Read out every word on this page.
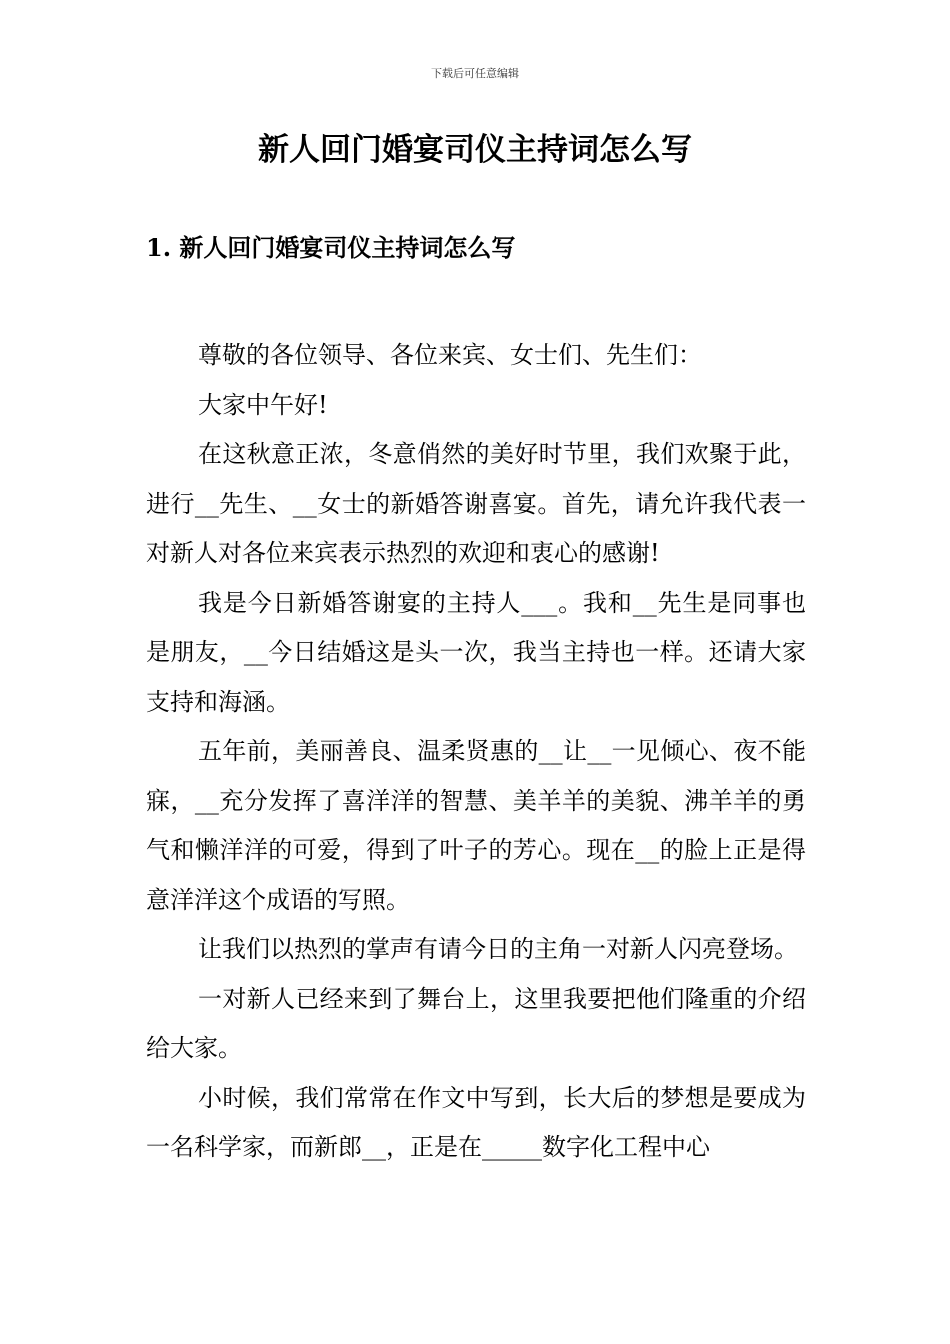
下载后可任意编辑
新人回门婚宴司仪主持词怎么写
1. 新人回门婚宴司仪主持词怎么写

尊敬的各位领导、各位来宾、女士们、先生们：

大家中午好!

在这秋意正浓，冬意俏然的美好时节里，我们欢聚于此，进行__先生、__女士的新婚答谢喜宴。首先，请允许我代表一对新人对各位来宾表示热烈的欢迎和衷心的感谢!

我是今日新婚答谢宴的主持人___。我和__先生是同事也是朋友，__今日结婚这是头一次，我当主持也一样。还请大家支持和海涵。

五年前，美丽善良、温柔贤惠的__让__一见倾心、夜不能寐，__充分发挥了喜洋洋的智慧、美羊羊的美貌、沸羊羊的勇气和懒洋洋的可爱，得到了叶子的芳心。现在__的脸上正是得意洋洋这个成语的写照。

让我们以热烈的掌声有请今日的主角一对新人闪亮登场。

一对新人已经来到了舞台上，这里我要把他们隆重的介绍给大家。

小时候，我们常常在作文中写到，长大后的梦想是要成为一名科学家，而新郎__，正是在_____数字化工程中心
